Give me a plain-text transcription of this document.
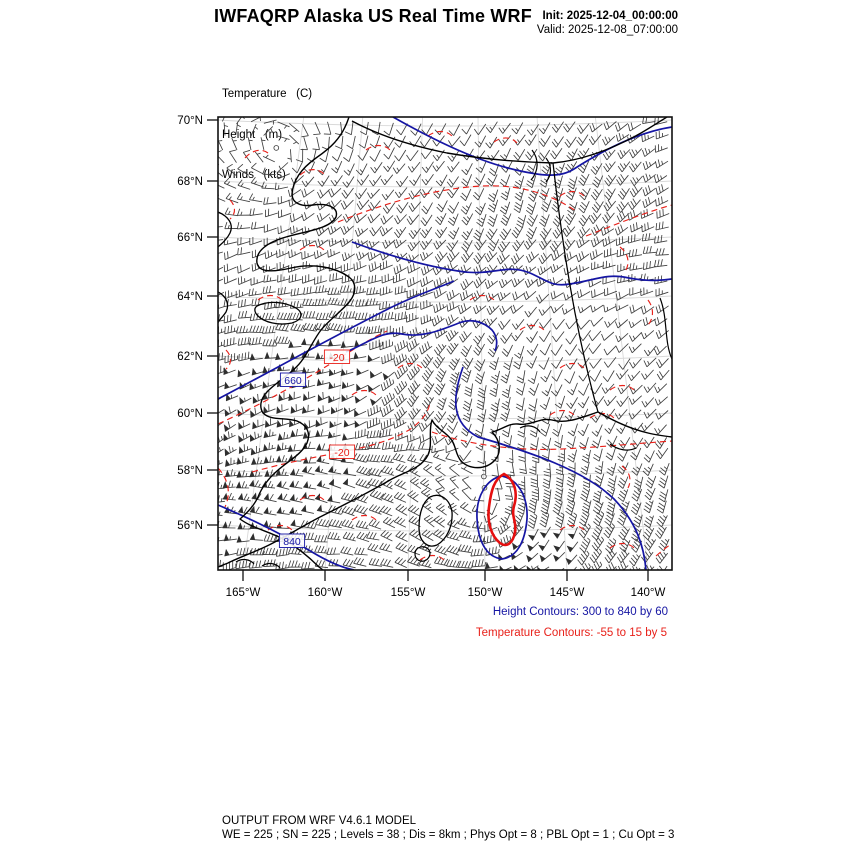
IWFAQRP Alaska US Real Time WRF Init: 2025-12-04_00:00:00
Valid: 2025-12-08_07:00:00

Temperature   (C)

Height   (m)

Winds   (kts)

70°N
68°N
66°N
64°N
62°N
60°N
58°N
56°N
165°W	160°W	155°W	150°W	145°W	140°W
660
840
-20
-20
Height Contours: 300 to 840 by 60
Temperature Contours: -55 to 15 by 5
OUTPUT FROM WRF V4.6.1 MODEL
WE = 225 ; SN = 225 ; Levels = 38 ; Dis = 8km ; Phys Opt = 8 ; PBL Opt = 1 ; Cu Opt = 3
